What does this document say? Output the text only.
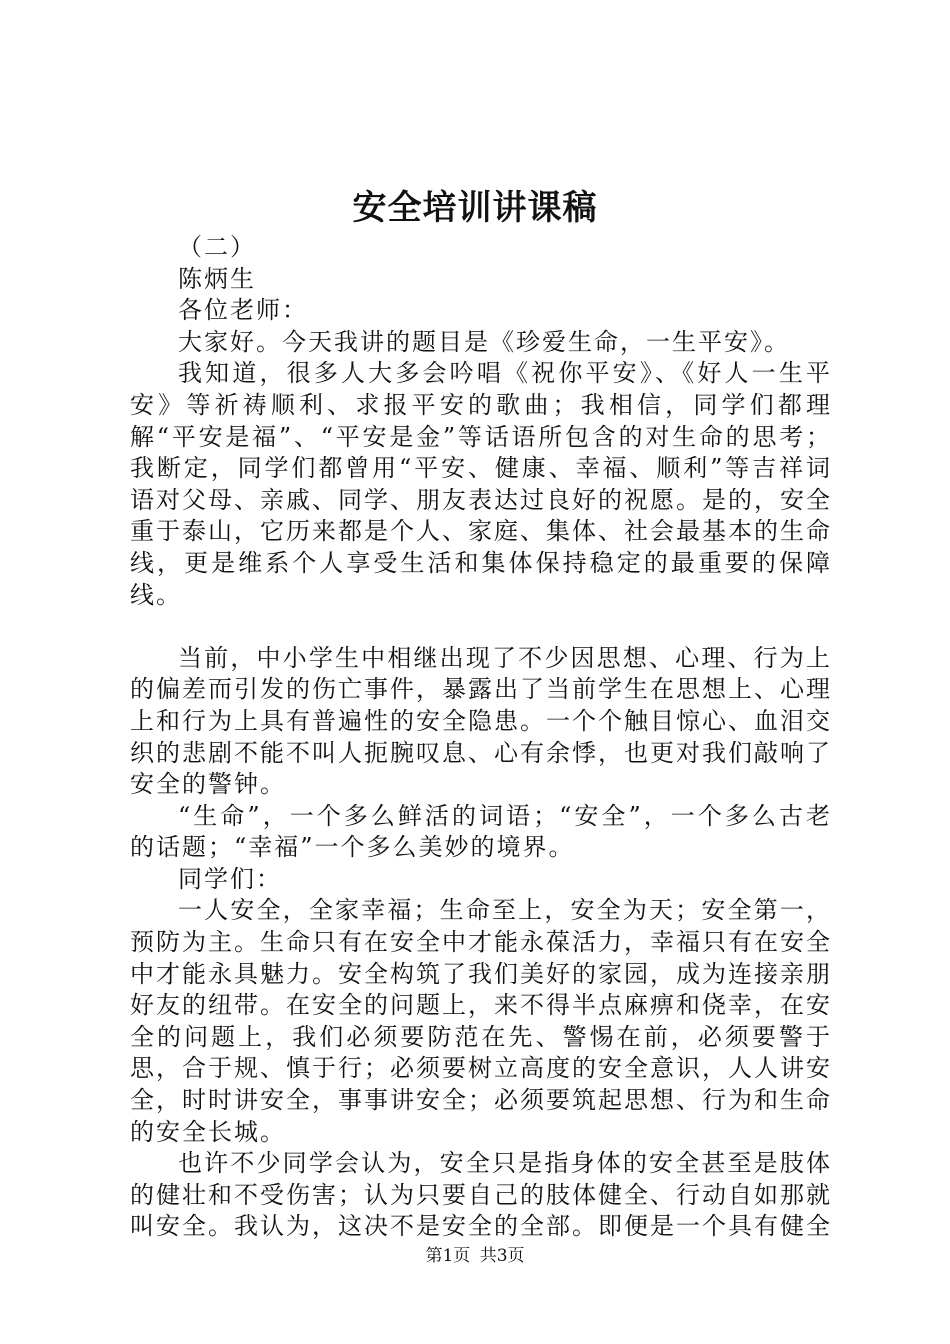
安全培训讲课稿

（二）

陈炳生

各位老师：

大家好。今天我讲的题目是《珍爱生命，一生平安》。

我知道，很多人大多会吟唱《祝你平安》、《好人一生平安》等祈祷顺利、求报平安的歌曲；我相信，同学们都理解“平安是福”、“平安是金”等话语所包含的对生命的思考；我断定，同学们都曾用“平安、健康、幸福、顺利”等吉祥词语对父母、亲戚、同学、朋友表达过良好的祝愿。是的，安全重于泰山，它历来都是个人、家庭、集体、社会最基本的生命线，更是维系个人享受生活和集体保持稳定的最重要的保障线。

当前，中小学生中相继出现了不少因思想、心理、行为上的偏差而引发的伤亡事件，暴露出了当前学生在思想上、心理上和行为上具有普遍性的安全隐患。一个个触目惊心、血泪交织的悲剧不能不叫人扼腕叹息、心有余悸，也更对我们敲响了安全的警钟。

“生命”，一个多么鲜活的词语；“安全”，一个多么古老的话题；“幸福”一个多么美妙的境界。

同学们：

一人安全，全家幸福；生命至上，安全为天；安全第一，预防为主。生命只有在安全中才能永葆活力，幸福只有在安全中才能永具魅力。安全构筑了我们美好的家园，成为连接亲朋好友的纽带。在安全的问题上，来不得半点麻痹和侥幸，在安全的问题上，我们必须要防范在先、警惕在前，必须要警于思，合于规、慎于行；必须要树立高度的安全意识，人人讲安全，时时讲安全，事事讲安全；必须要筑起思想、行为和生命的安全长城。

也许不少同学会认为，安全只是指身体的安全甚至是肢体的健壮和不受伤害；认为只要自己的肢体健全、行动自如那就叫安全。我认为，这决不是安全的全部。即便是一个具有健全

第1页 共3页
